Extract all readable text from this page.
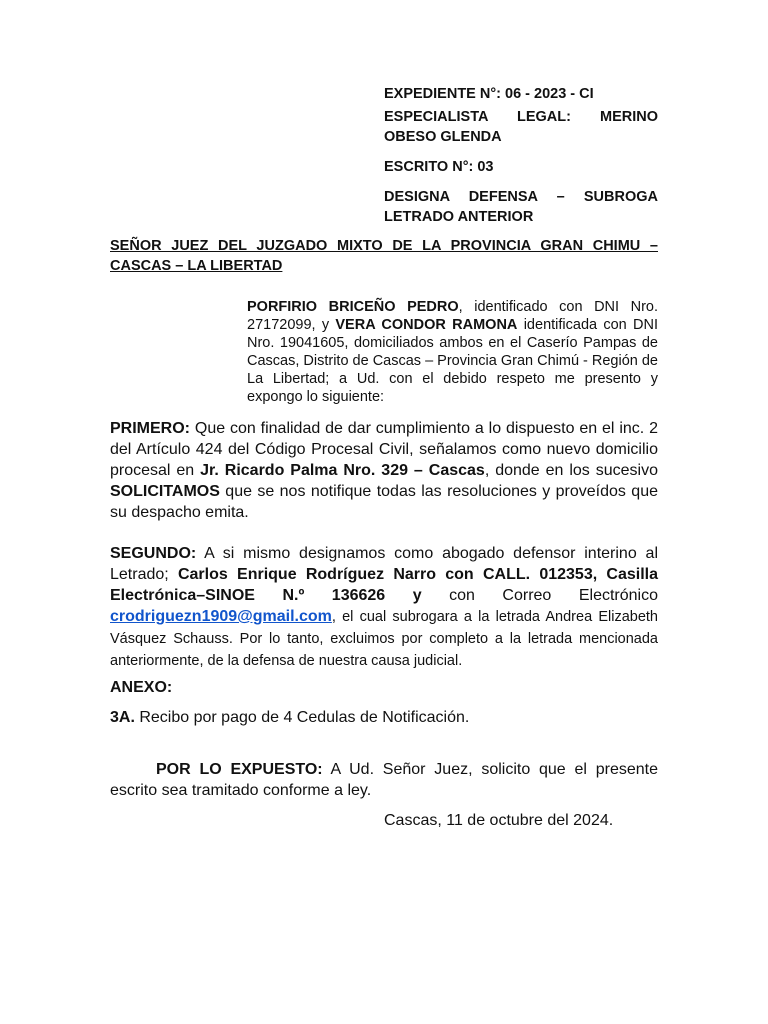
EXPEDIENTE N°: 06 - 2023 - CI

ESPECIALISTA LEGAL: MERINO
OBESO GLENDA

ESCRITO N°: 03

DESIGNA DEFENSA – SUBROGA
LETRADO ANTERIOR

SEÑOR JUEZ DEL JUZGADO MIXTO DE LA PROVINCIA GRAN CHIMU –
CASCAS – LA LIBERTAD

PORFIRIO BRICEÑO PEDRO, identificado con DNI Nro. 27172099, y VERA CONDOR RAMONA identificada con DNI Nro. 19041605, domiciliados ambos en el Caserío Pampas de Cascas, Distrito de Cascas – Provincia Gran Chimú - Región de La Libertad; a Ud. con el debido respeto me presento y expongo lo siguiente:

PRIMERO: Que con finalidad de dar cumplimiento a lo dispuesto en el inc. 2 del Artículo 424 del Código Procesal Civil, señalamos como nuevo domicilio procesal en Jr. Ricardo Palma Nro. 329 – Cascas, donde en los sucesivo SOLICITAMOS que se nos notifique todas las resoluciones y proveídos que su despacho emita.

SEGUNDO: A si mismo designamos como abogado defensor interino al Letrado; Carlos Enrique Rodríguez Narro con CALL. 012353, Casilla Electrónica–SINOE N.º 136626 y con Correo Electrónico crodriguezn1909@gmail.com, el cual subrogara a la letrada Andrea Elizabeth Vásquez Schauss. Por lo tanto, excluimos por completo a la letrada mencionada anteriormente, de la defensa de nuestra causa judicial.

ANEXO:

3A. Recibo por pago de 4 Cedulas de Notificación.

POR LO EXPUESTO: A Ud. Señor Juez, solicito que el presente escrito sea tramitado conforme a ley.

Cascas, 11 de octubre del 2024.
